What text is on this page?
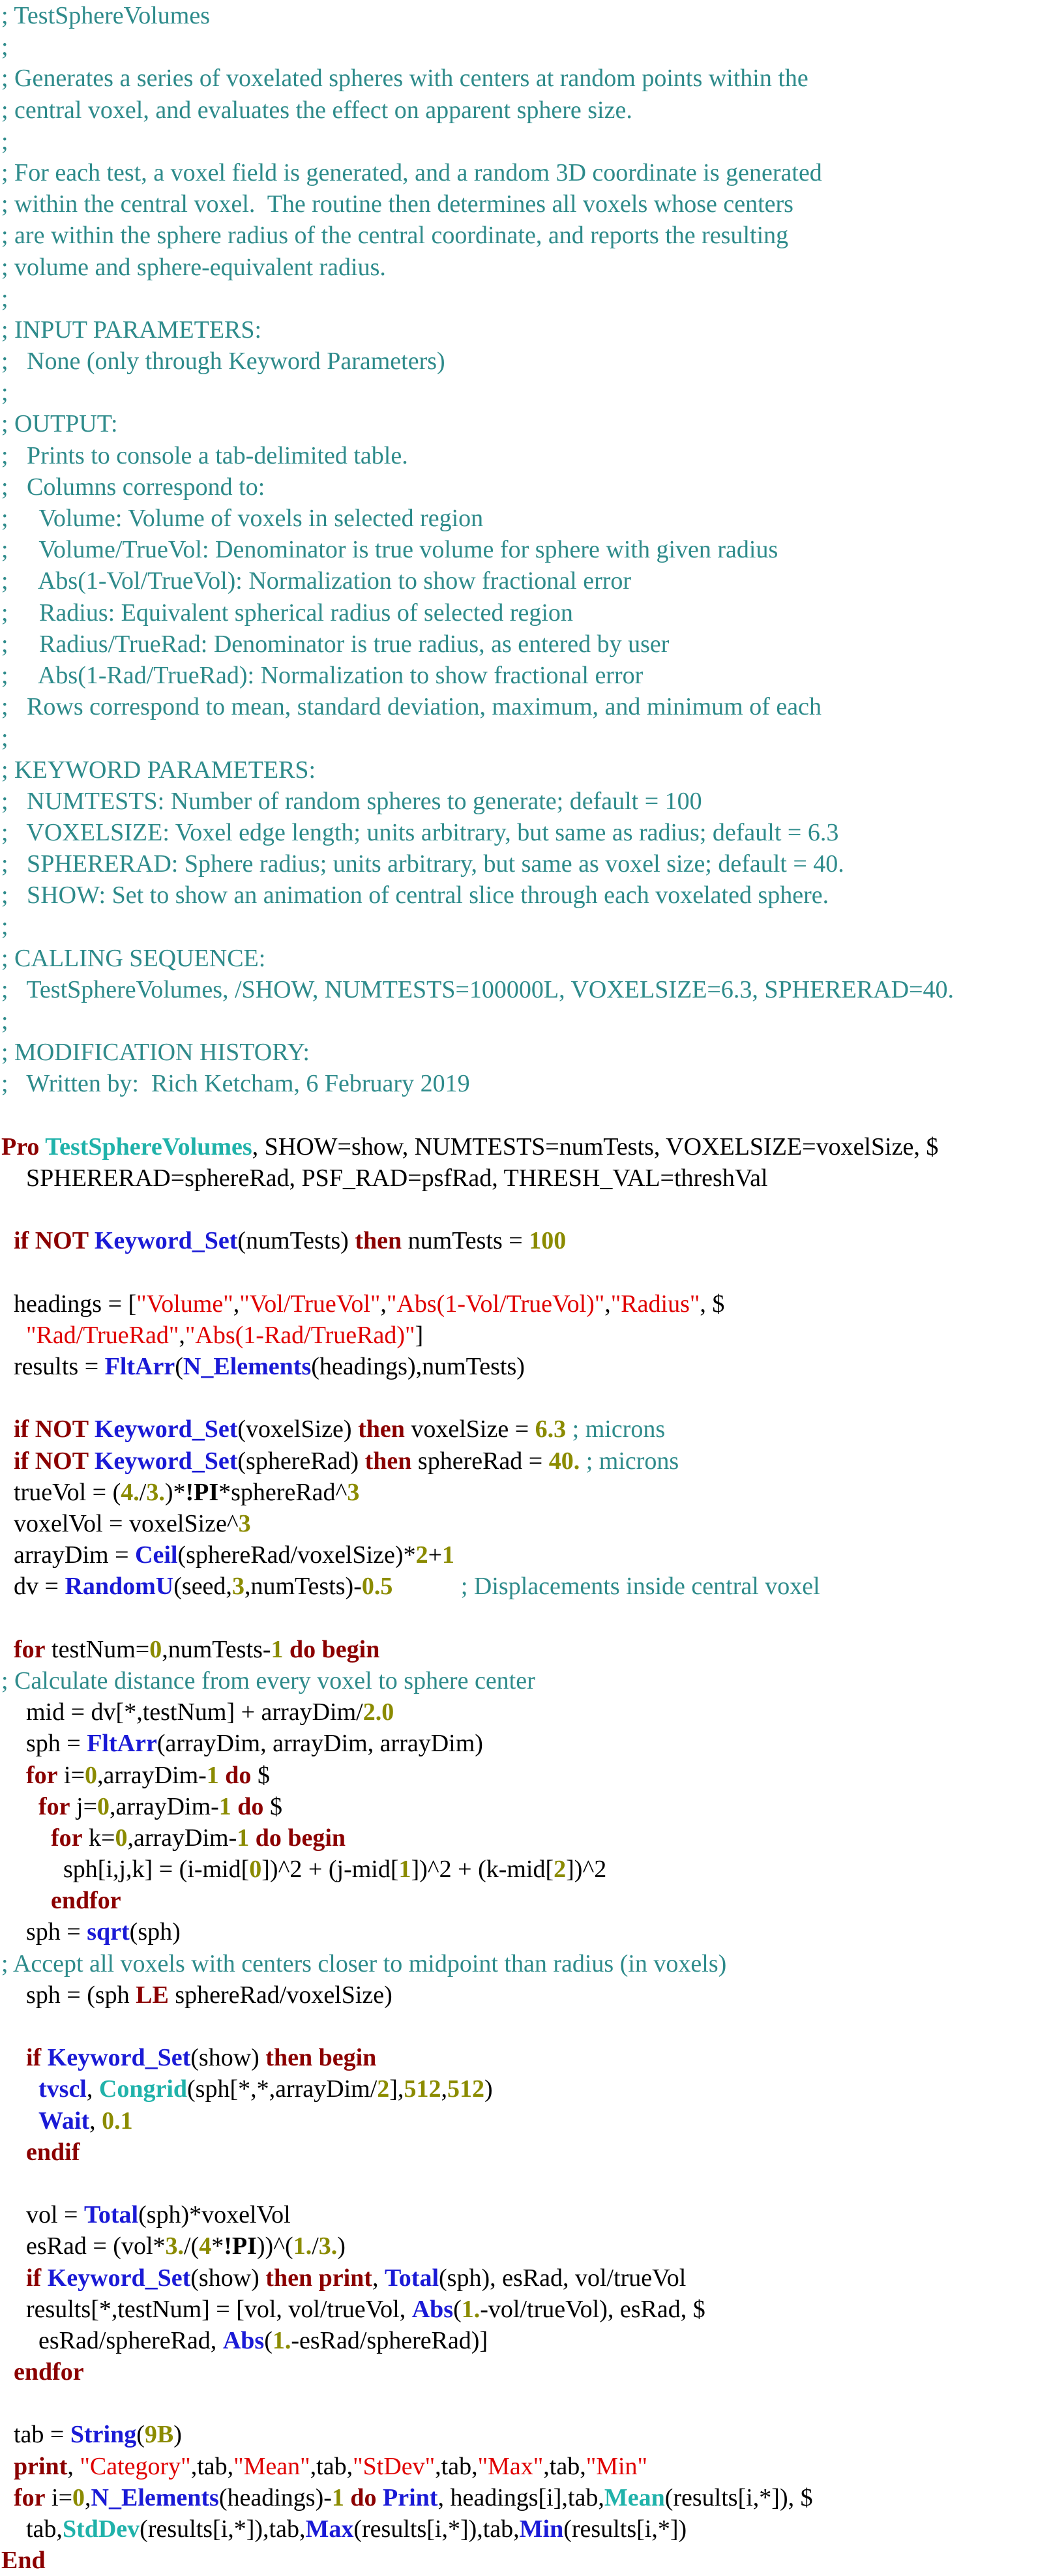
; TestSphereVolumes
;
; Generates a series of voxelated spheres with centers at random points within the
; central voxel, and evaluates the effect on apparent sphere size.
;
; For each test, a voxel field is generated, and a random 3D coordinate is generated
; within the central voxel.  The routine then determines all voxels whose centers
; are within the sphere radius of the central coordinate, and reports the resulting
; volume and sphere-equivalent radius.
;
; INPUT PARAMETERS:
;   None (only through Keyword Parameters)
;
; OUTPUT:
;   Prints to console a tab-delimited table.
;   Columns correspond to:
;     Volume: Volume of voxels in selected region
;     Volume/TrueVol: Denominator is true volume for sphere with given radius
;     Abs(1-Vol/TrueVol): Normalization to show fractional error
;     Radius: Equivalent spherical radius of selected region
;     Radius/TrueRad: Denominator is true radius, as entered by user
;     Abs(1-Rad/TrueRad): Normalization to show fractional error
;   Rows correspond to mean, standard deviation, maximum, and minimum of each
;
; KEYWORD PARAMETERS:
;   NUMTESTS: Number of random spheres to generate; default = 100
;   VOXELSIZE: Voxel edge length; units arbitrary, but same as radius; default = 6.3
;   SPHERERAD: Sphere radius; units arbitrary, but same as voxel size; default = 40.
;   SHOW: Set to show an animation of central slice through each voxelated sphere.
;
; CALLING SEQUENCE:
;   TestSphereVolumes, /SHOW, NUMTESTS=100000L, VOXELSIZE=6.3, SPHERERAD=40.
;
; MODIFICATION HISTORY:
;   Written by:  Rich Ketcham, 6 February 2019
Pro TestSphereVolumes, SHOW=show, NUMTESTS=numTests, VOXELSIZE=voxelSize, $
SPHERERAD=sphereRad, PSF_RAD=psfRad, THRESH_VAL=threshVal
if NOT Keyword_Set(numTests) then numTests = 100
headings = ["Volume","Vol/TrueVol","Abs(1-Vol/TrueVol)","Radius", $
"Rad/TrueRad","Abs(1-Rad/TrueRad)"]
results = FltArr(N_Elements(headings),numTests)
if NOT Keyword_Set(voxelSize) then voxelSize = 6.3 ; microns
if NOT Keyword_Set(sphereRad) then sphereRad = 40. ; microns
trueVol = (4./3.)*!PI*sphereRad^3
voxelVol = voxelSize^3
arrayDim = Ceil(sphereRad/voxelSize)*2+1
dv = RandomU(seed,3,numTests)-0.5           ; Displacements inside central voxel
for testNum=0,numTests-1 do begin
; Calculate distance from every voxel to sphere center
mid = dv[*,testNum] + arrayDim/2.0
sph = FltArr(arrayDim, arrayDim, arrayDim)
for i=0,arrayDim-1 do $
for j=0,arrayDim-1 do $
for k=0,arrayDim-1 do begin
sph[i,j,k] = (i-mid[0])^2 + (j-mid[1])^2 + (k-mid[2])^2
endfor
sph = sqrt(sph)
; Accept all voxels with centers closer to midpoint than radius (in voxels)
sph = (sph LE sphereRad/voxelSize)
if Keyword_Set(show) then begin
tvscl, Congrid(sph[*,*,arrayDim/2],512,512)
Wait, 0.1
endif
vol = Total(sph)*voxelVol
esRad = (vol*3./(4*!PI))^(1./3.)
if Keyword_Set(show) then print, Total(sph), esRad, vol/trueVol
results[*,testNum] = [vol, vol/trueVol, Abs(1.-vol/trueVol), esRad, $
esRad/sphereRad, Abs(1.-esRad/sphereRad)]
endfor
tab = String(9B)
print, "Category",tab,"Mean",tab,"StDev",tab,"Max",tab,"Min"
for i=0,N_Elements(headings)-1 do Print, headings[i],tab,Mean(results[i,*]), $
tab,StdDev(results[i,*]),tab,Max(results[i,*]),tab,Min(results[i,*])
End
